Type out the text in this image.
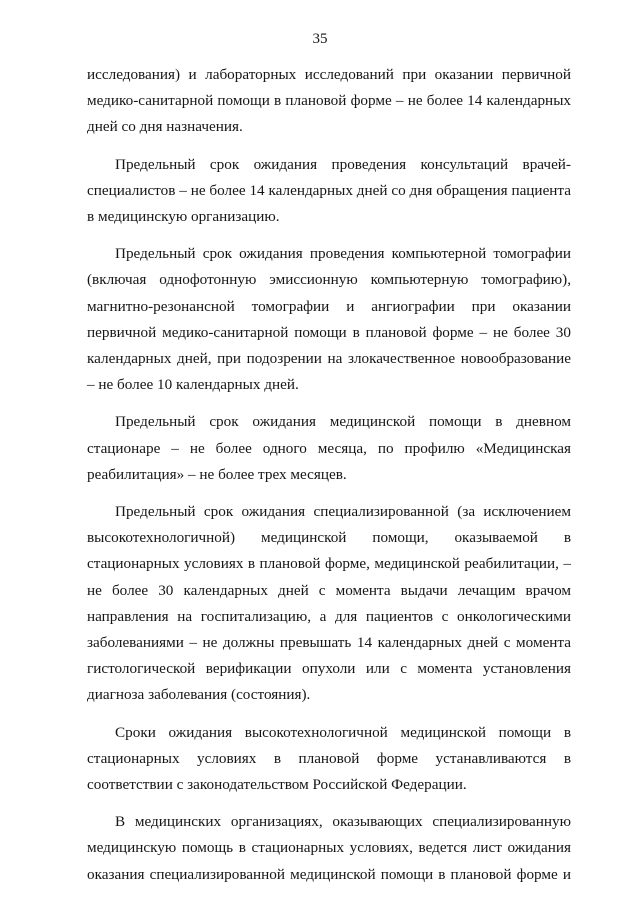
35

исследования) и лабораторных исследований при оказании первичной медико-санитарной помощи в плановой форме – не более 14 календарных дней со дня назначения.

Предельный срок ожидания проведения консультаций врачей-специалистов – не более 14 календарных дней со дня обращения пациента в медицинскую организацию.

Предельный срок ожидания проведения компьютерной томографии (включая однофотонную эмиссионную компьютерную томографию), магнитно-резонансной томографии и ангиографии при оказании первичной медико-санитарной помощи в плановой форме – не более 30 календарных дней, при подозрении на злокачественное новообразование – не более 10 календарных дней.

Предельный срок ожидания медицинской помощи в дневном стационаре – не более одного месяца, по профилю «Медицинская реабилитация» – не более трех месяцев.

Предельный срок ожидания специализированной (за исключением высокотехнологичной) медицинской помощи, оказываемой в стационарных условиях в плановой форме, медицинской реабилитации, – не более 30 календарных дней с момента выдачи лечащим врачом направления на госпитализацию, а для пациентов с онкологическими заболеваниями – не должны превышать 14 календарных дней с момента гистологической верификации опухоли или с момента установления диагноза заболевания (состояния).

Сроки ожидания высокотехнологичной медицинской помощи в стационарных условиях в плановой форме устанавливаются в соответствии с законодательством Российской Федерации.

В медицинских организациях, оказывающих специализированную медицинскую помощь в стационарных условиях, ведется лист ожидания оказания специализированной медицинской помощи в плановой форме и
